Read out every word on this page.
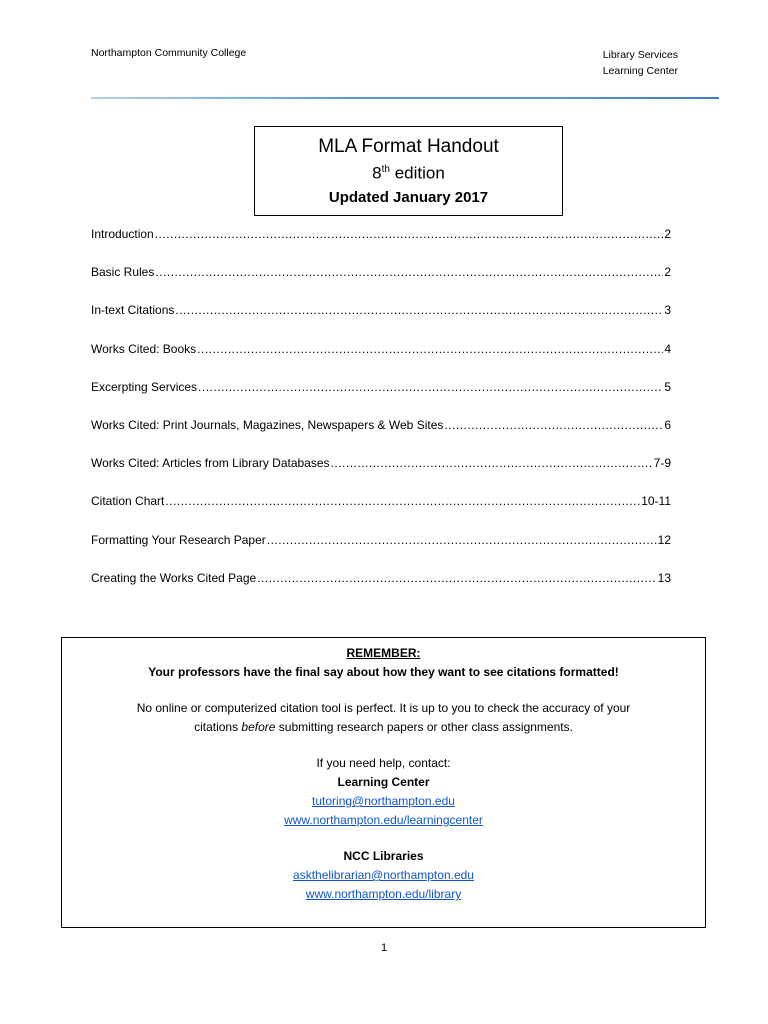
Northampton Community College	Library Services
Learning Center
MLA Format Handout
8th edition
Updated January 2017
Introduction .....	2
Basic Rules .....	2
In-text Citations .....	3
Works Cited: Books .....	4
Excerpting Services .....	5
Works Cited: Print Journals, Magazines, Newspapers & Web Sites .....	6
Works Cited: Articles from Library Databases .....	7-9
Citation Chart .....	10-11
Formatting Your Research Paper .....	12
Creating the Works Cited Page .....	13
REMEMBER:
Your professors have the final say about how they want to see citations formatted!
No online or computerized citation tool is perfect. It is up to you to check the accuracy of your
citations before submitting research papers or other class assignments.
If you need help, contact:
Learning Center
tutoring@northampton.edu
www.northampton.edu/learningcenter
NCC Libraries
askthelibrarian@northampton.edu
www.northampton.edu/library
1
